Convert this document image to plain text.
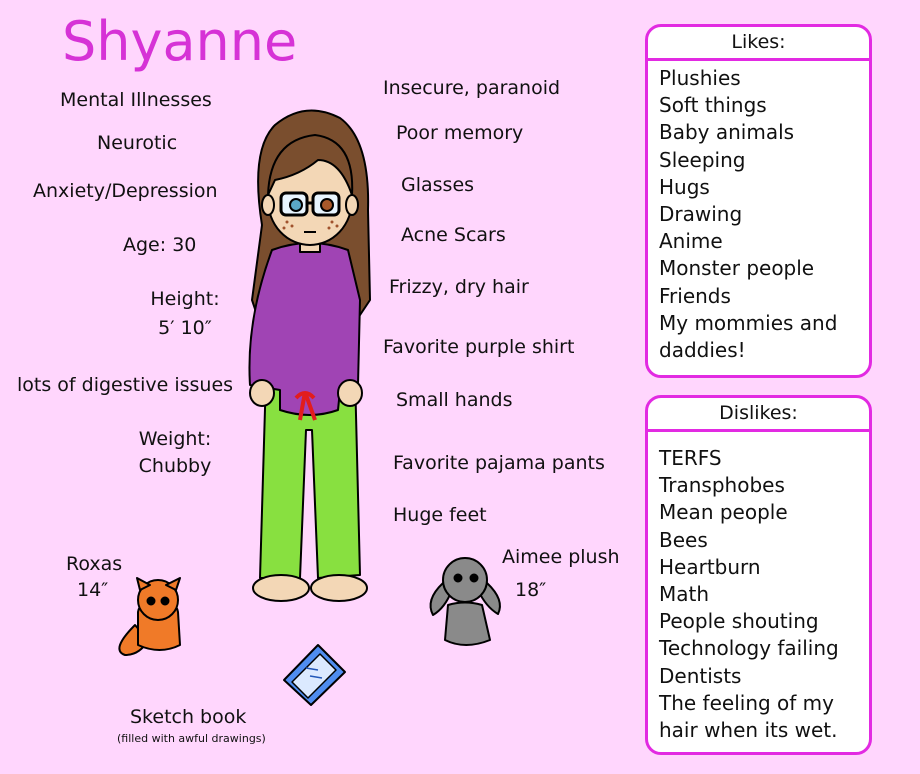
Shyanne
Mental Illnesses
Neurotic
Anxiety/Depression
Age: 30
Height:
5′ 10″
lots of digestive issues
Weight:
Chubby
Insecure, paranoid
Poor memory
Glasses
Acne Scars
Frizzy, dry hair
Favorite purple shirt
Small hands
Favorite pajama pants
Huge feet
Roxas
14″
Aimee plush
18″
Sketch book
(filled with awful drawings)
Likes:
Plushies
Soft things
Baby animals
Sleeping
Hugs
Drawing
Anime
Monster people
Friends
My mommies and
daddies!
Dislikes:
TERFS
Transphobes
Mean people
Bees
Heartburn
Math
People shouting
Technology failing
Dentists
The feeling of my
hair when its wet.
